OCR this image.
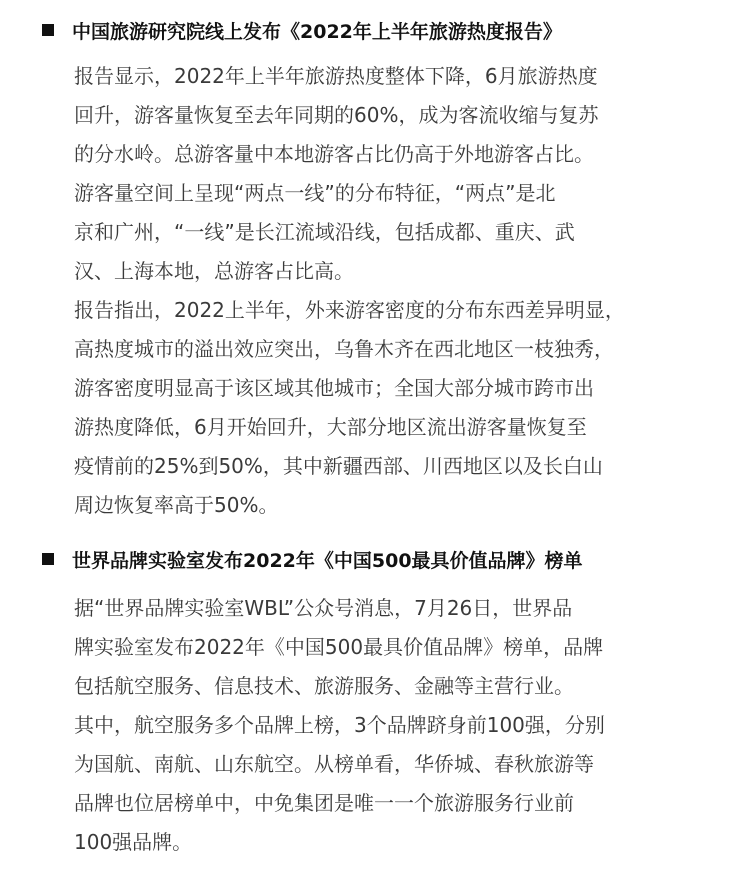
中国旅游研究院线上发布《2022年上半年旅游热度报告》
报告显示，2022年上半年旅游热度整体下降，6月旅游热度
回升，游客量恢复至去年同期的60%，成为客流收缩与复苏
的分水岭。总游客量中本地游客占比仍高于外地游客占比。
游客量空间上呈现“两点一线”的分布特征，“两点”是北
京和广州，“一线”是长江流域沿线，包括成都、重庆、武
汉、上海本地，总游客占比高。
报告指出，2022上半年，外来游客密度的分布东西差异明显，
高热度城市的溢出效应突出，乌鲁木齐在西北地区一枝独秀，
游客密度明显高于该区域其他城市；全国大部分城市跨市出
游热度降低，6月开始回升，大部分地区流出游客量恢复至
疫情前的25%到50%，其中新疆西部、川西地区以及长白山
周边恢复率高于50%。
世界品牌实验室发布2022年《中国500最具价值品牌》榜单
据“世界品牌实验室WBL”公众号消息，7月26日，世界品
牌实验室发布2022年《中国500最具价值品牌》榜单，品牌
包括航空服务、信息技术、旅游服务、金融等主营行业。
其中，航空服务多个品牌上榜，3个品牌跻身前100强，分别
为国航、南航、山东航空。从榜单看，华侨城、春秋旅游等
品牌也位居榜单中，中免集团是唯一一个旅游服务行业前
100强品牌。
